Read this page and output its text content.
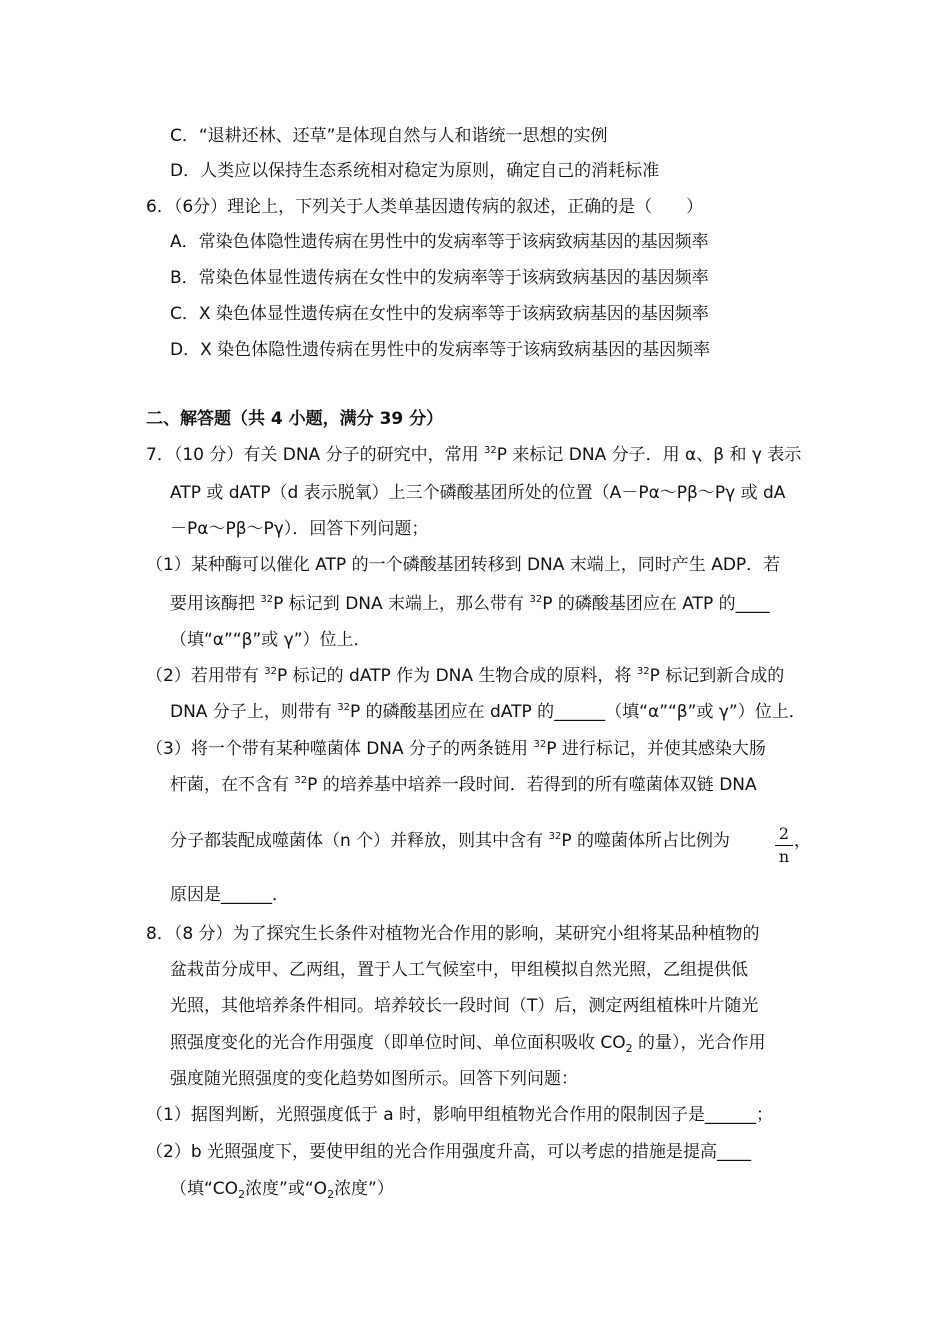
C．“退耕还林、还草”是体现自然与人和谐统一思想的实例
D．人类应以保持生态系统相对稳定为原则，确定自己的消耗标准
6．（6分）理论上，下列关于人类单基因遗传病的叙述，正确的是（　　）
A．常染色体隐性遗传病在男性中的发病率等于该病致病基因的基因频率
B．常染色体显性遗传病在女性中的发病率等于该病致病基因的基因频率
C．X 染色体显性遗传病在女性中的发病率等于该病致病基因的基因频率
D．X 染色体隐性遗传病在男性中的发病率等于该病致病基因的基因频率
二、解答题（共 4 小题，满分 39 分）
7．（10 分）有关 DNA 分子的研究中，常用 $^{32}$P 来标记 DNA 分子．用 α、β 和 γ 表示
ATP 或 dATP（d 表示脱氧）上三个磷酸基团所处的位置（A－Pα～Pβ～Pγ 或 dA
－Pα～Pβ～Pγ）．回答下列问题；
（1）某种酶可以催化 ATP 的一个磷酸基团转移到 DNA 末端上，同时产生 ADP．若
要用该酶把 $^{32}$P 标记到 DNA 末端上，那么带有 $^{32}$P 的磷酸基团应在 ATP 的____
（填“α”“β”或 γ”）位上．
（2）若用带有 $^{32}$P 标记的 dATP 作为 DNA 生物合成的原料，将 $^{32}$P 标记到新合成的
DNA 分子上，则带有 $^{32}$P 的磷酸基团应在 dATP 的______（填“α”“β”或 γ”）位上．
（3）将一个带有某种噬菌体 DNA 分子的两条链用 $^{32}$P 进行标记，并使其感染大肠
杆菌，在不含有 $^{32}$P 的培养基中培养一段时间．若得到的所有噬菌体双链 DNA
分子都装配成噬菌体（n 个）并释放，则其中含有 $^{32}$P 的噬菌体所占比例为	2
n
，
原因是______．
8．（8 分）为了探究生长条件对植物光合作用的影响，某研究小组将某品种植物的
盆栽苗分成甲、乙两组，置于人工气候室中，甲组模拟自然光照，乙组提供低
光照，其他培养条件相同。培养较长一段时间（T）后，测定两组植株叶片随光
照强度变化的光合作用强度（即单位时间、单位面积吸收 $CO_2$ 的量），光合作用
强度随光照强度的变化趋势如图所示。回答下列问题：
（1）据图判断，光照强度低于 a 时，影响甲组植物光合作用的限制因子是______；
（2）b 光照强度下，要使甲组的光合作用强度升高，可以考虑的措施是提高____
（填“$CO_2$浓度”或“$O_2$浓度”）
